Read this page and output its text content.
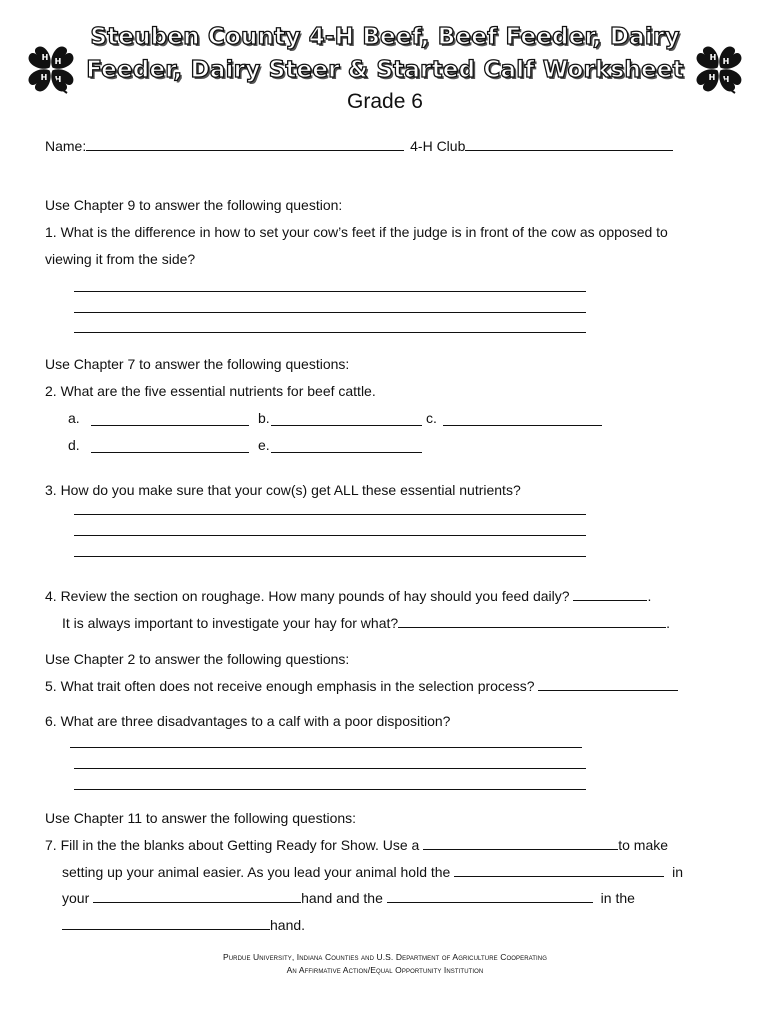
Steuben County 4-H Beef, Beef Feeder, Dairy
Feeder, Dairy Steer & Started Calf Worksheet
Grade 6
Name:	4-H Club
Use Chapter 9 to answer the following question:
1. What is the difference in how to set your cow’s feet if the judge is in front of the cow as opposed to
viewing it from the side?
Use Chapter 7 to answer the following questions:
2. What are the five essential nutrients for beef cattle.
a.	b.	c.
d.	e.
3. How do you make sure that your cow(s) get ALL these essential nutrients?
4. Review the section on roughage. How many pounds of hay should you feed daily?	.
It is always important to investigate your hay for what?	.
Use Chapter 2 to answer the following questions:
5. What trait often does not receive enough emphasis in the selection process?
6. What are three disadvantages to a calf with a poor disposition?
Use Chapter 11 to answer the following questions:
7. Fill in the the blanks about Getting Ready for Show. Use a	to make
setting up your animal easier. As you lead your animal hold the	in
your	hand and the	in the
hand.
Purdue University, Indiana Counties and U.S. Department of Agriculture Cooperating
An Affirmative Action/Equal Opportunity Institution
